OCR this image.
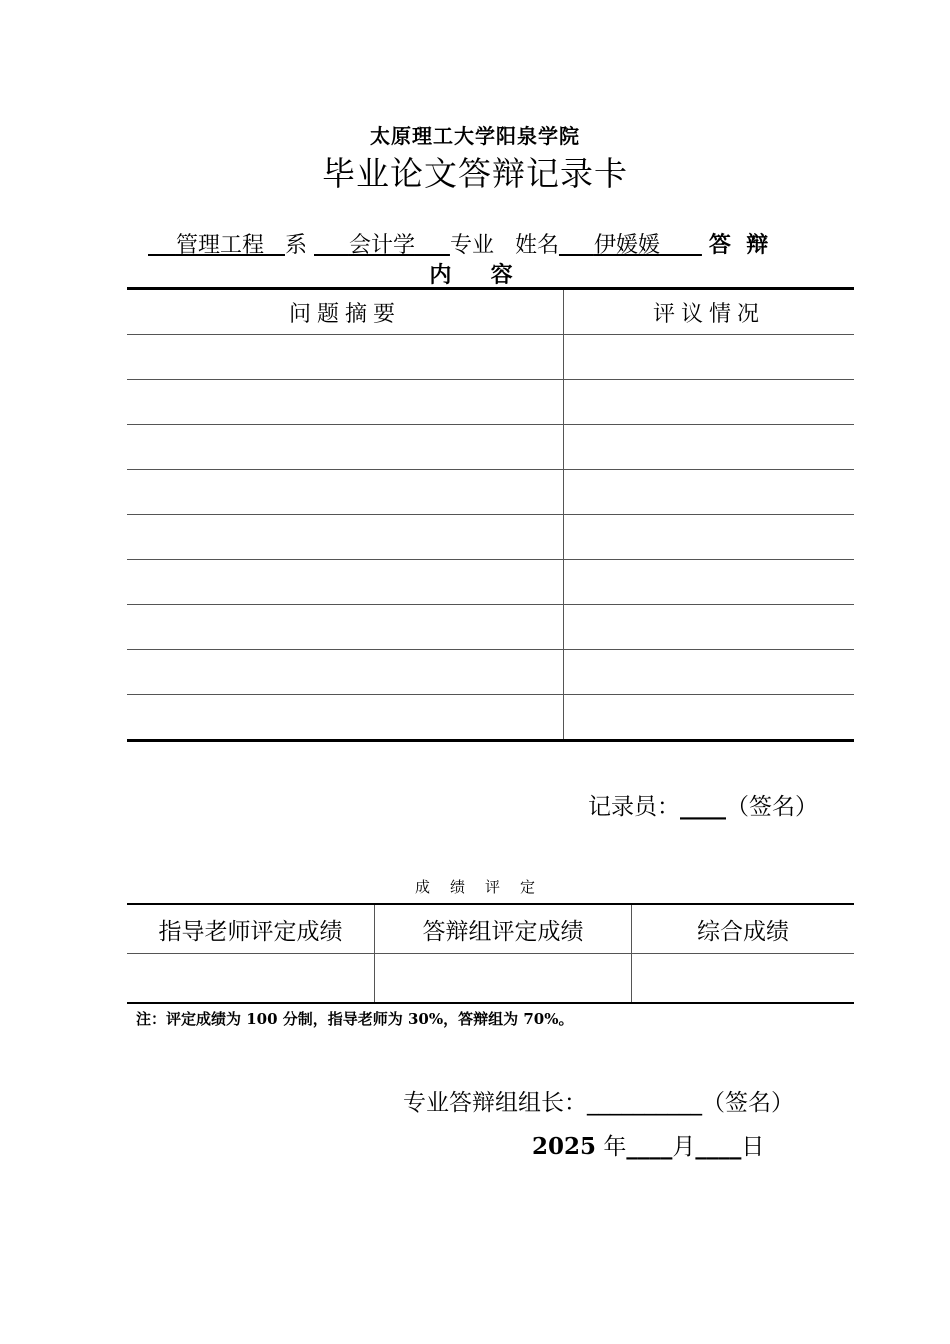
太原理工大学阳泉学院
毕业论文答辩记录卡
管理工程 系 会计学 专业 姓名 伊媛媛 答  辩
内  容
问题摘要	评议情况

记录员：____（签名）
成绩评定
指导老师评定成绩	答辩组评定成绩	综合成绩

注：评定成绩为 100 分制，指导老师为 30%，答辩组为 70%。
专业答辩组组长：__________（签名）
2025 年____月____日
